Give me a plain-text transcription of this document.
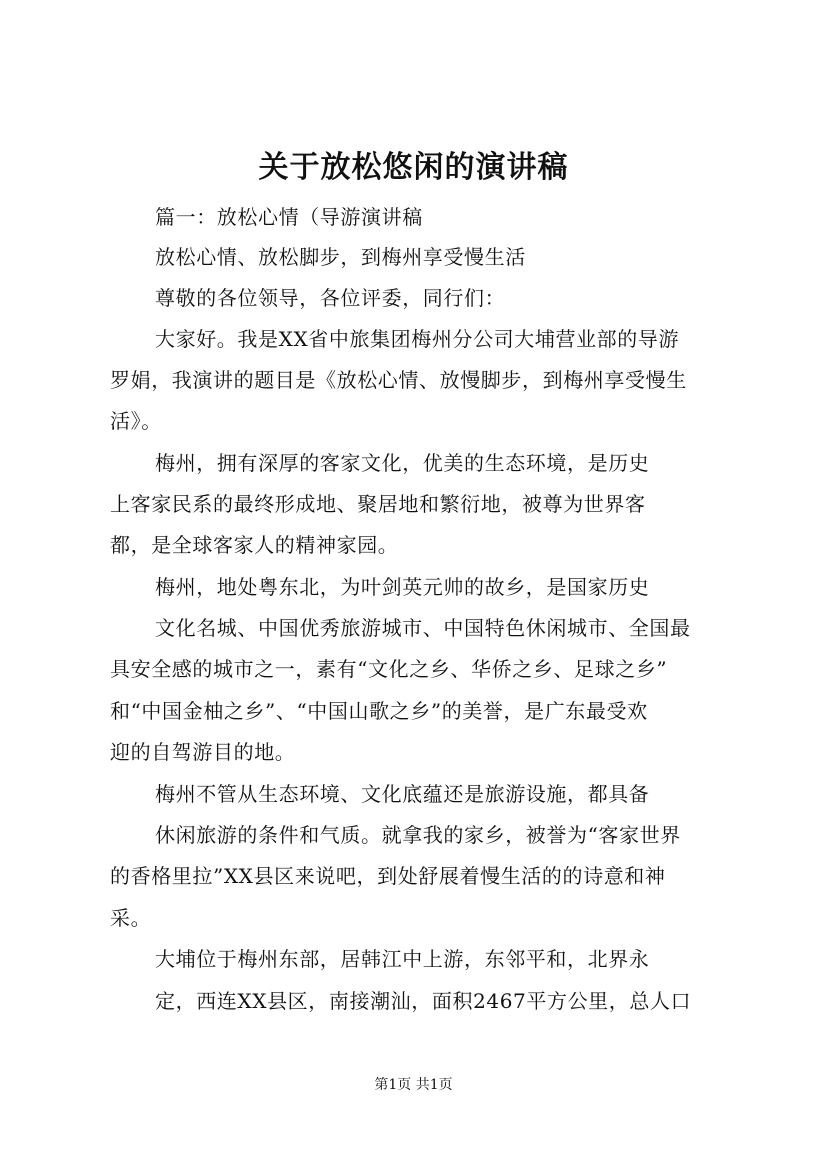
关于放松悠闲的演讲稿
篇一：放松心情（导游演讲稿
放松心情、放松脚步，到梅州享受慢生活
尊敬的各位领导，各位评委，同行们：
大家好。我是XX省中旅集团梅州分公司大埔营业部的导游
罗娟，我演讲的题目是《放松心情、放慢脚步，到梅州享受慢生
活》。
梅州，拥有深厚的客家文化，优美的生态环境，是历史
上客家民系的最终形成地、聚居地和繁衍地，被尊为世界客
都，是全球客家人的精神家园。
梅州，地处粤东北，为叶剑英元帅的故乡，是国家历史
文化名城、中国优秀旅游城市、中国特色休闲城市、全国最
具安全感的城市之一，素有“文化之乡、华侨之乡、足球之乡”
和“中国金柚之乡”、“中国山歌之乡”的美誉，是广东最受欢
迎的自驾游目的地。
梅州不管从生态环境、文化底蕴还是旅游设施，都具备
休闲旅游的条件和气质。就拿我的家乡，被誉为“客家世界
的香格里拉”XX县区来说吧，到处舒展着慢生活的的诗意和神
采。
大埔位于梅州东部，居韩江中上游，东邻平和，北界永
定，西连XX县区，南接潮汕，面积2467平方公里，总人口
第1页 共1页
